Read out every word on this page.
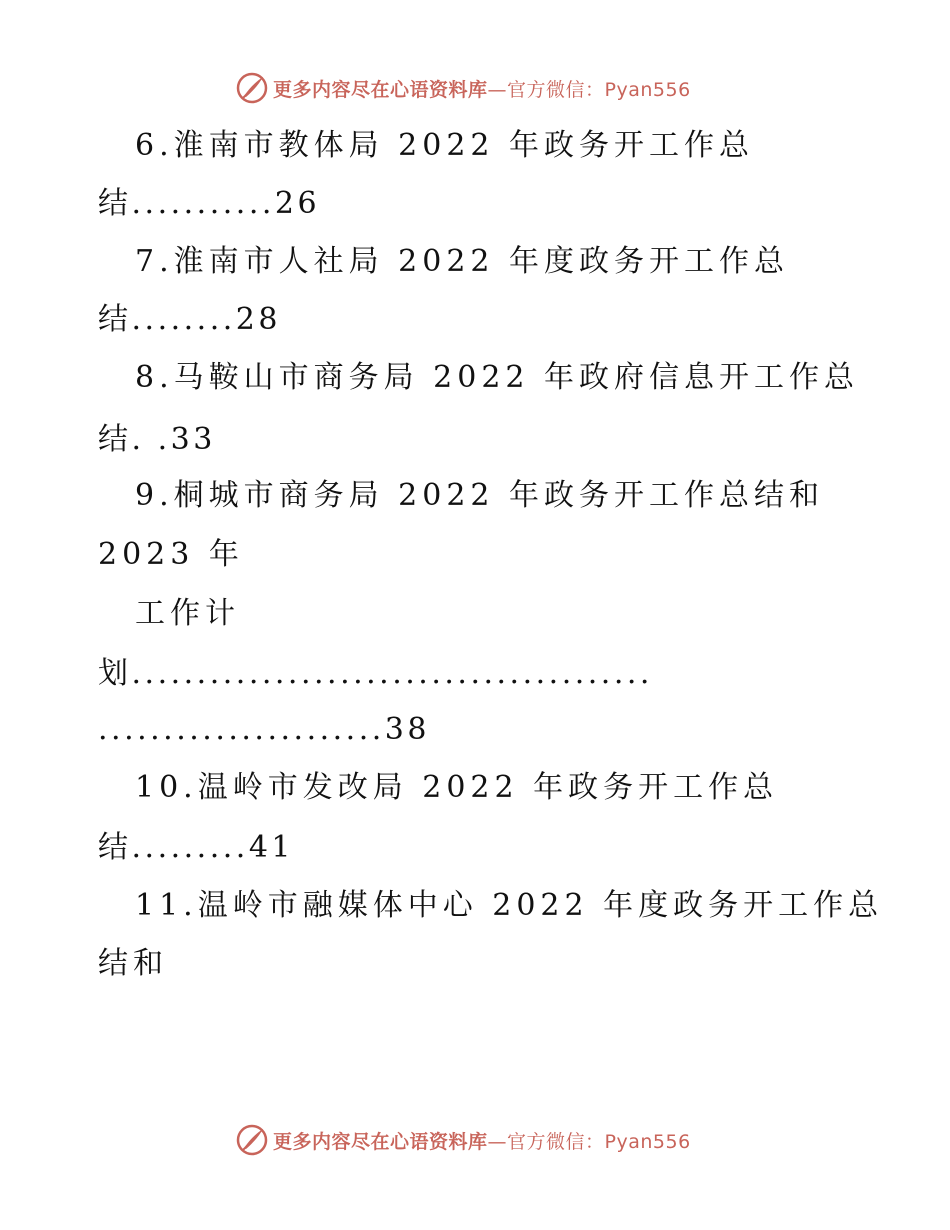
更多内容尽在心语资料库—官方微信：Pyan556
6.淮南市教体局 2022 年政务开工作总
结...........26
7.淮南市人社局 2022 年度政务开工作总
结........28
8.马鞍山市商务局 2022 年政府信息开工作总
结. .33
9.桐城市商务局 2022 年政务开工作总结和
2023 年
工作计
划........................................
......................38
10.温岭市发改局 2022 年政务开工作总
结.........41
11.温岭市融媒体中心 2022 年度政务开工作总
结和
更多内容尽在心语资料库—官方微信：Pyan556
